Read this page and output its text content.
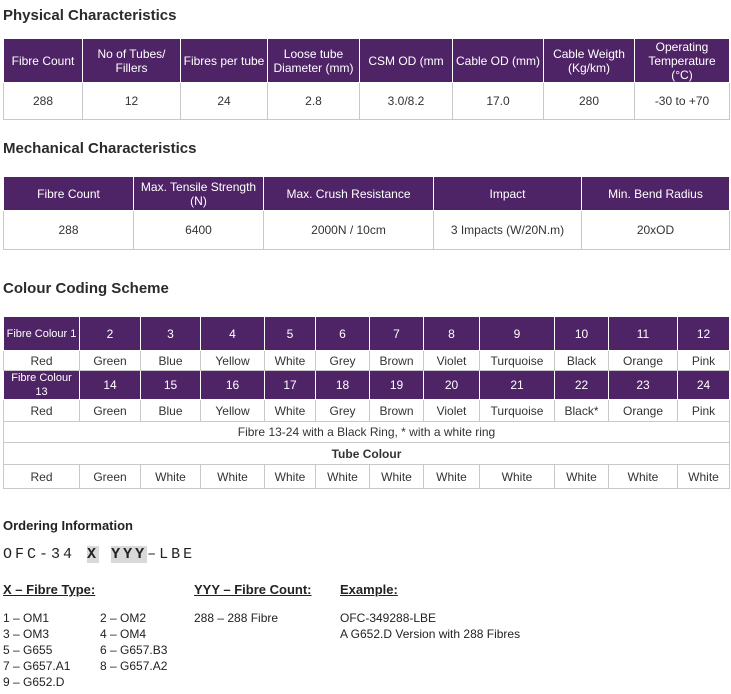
Physical Characteristics
Fibre Count	No of Tubes/ Fillers	Fibres per tube	Loose tube Diameter (mm)	CSM OD (mm	Cable OD (mm)	Cable Weigth (Kg/km)	Operating Temperature (°C)
288	12	24	2.8	3.0/8.2	17.0	280	-30 to +70
Mechanical Characteristics
Fibre Count	Max. Tensile Strength (N)	Max. Crush Resistance	Impact	Min. Bend Radius
288	6400	2000N / 10cm	3 Impacts (W/20N.m)	20xOD
Colour Coding Scheme
Fibre Colour 1	2	3	4	5	6	7	8	9	10	11	12
Red	Green	Blue	Yellow	White	Grey	Brown	Violet	Turquoise	Black	Orange	Pink
Fibre Colour 13	14	15	16	17	18	19	20	21	22	23	24
Red	Green	Blue	Yellow	White	Grey	Brown	Violet	Turquoise	Black*	Orange	Pink
Fibre 13-24 with a Black Ring, * with a white ring											
Tube Colour											
Red	Green	White	White	White	White	White	White	White	White	White	White
Ordering Information
OFC-34 X YYY–LBE
X – Fibre Type:
1 – OM1
3 – OM3
5 – G655
7 – G657.A1
9 – G652.D
2 – OM2
4 – OM4
6 – G657.B3
8 – G657.A2
YYY – Fibre Count:
288 – 288 Fibre
Example:
OFC-349288-LBE
A G652.D Version with 288 Fibres
